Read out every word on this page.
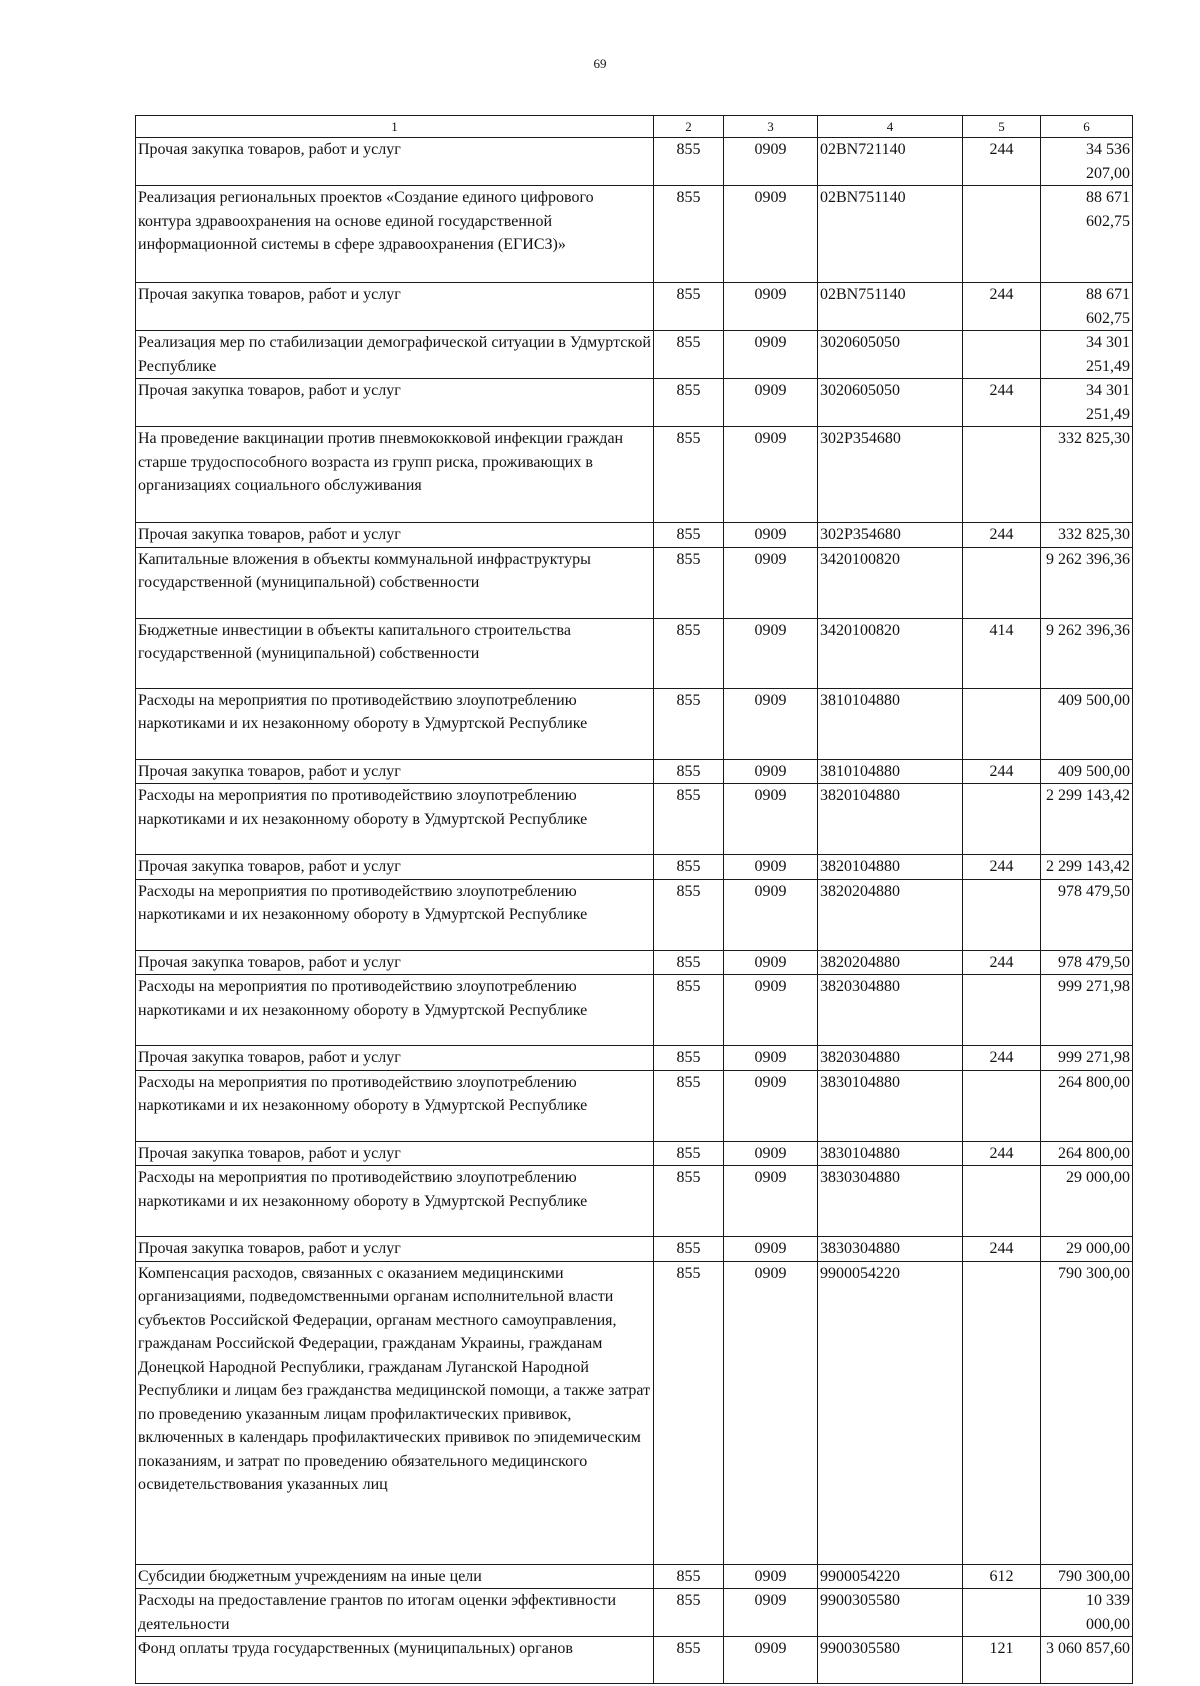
69
1	2	3	4	5	6
Прочая закупка товаров, работ и услуг	855	0909	02BN721140	244	34 536 207,00
Реализация региональных проектов «Создание единого цифрового контура здравоохранения на основе единой государственной информационной системы в сфере здравоохранения (ЕГИСЗ)»	855	0909	02BN751140		88 671 602,75
Прочая закупка товаров, работ и услуг	855	0909	02BN751140	244	88 671 602,75
Реализация мер по стабилизации демографической ситуации в Удмуртской Республике	855	0909	3020605050		34 301 251,49
Прочая закупка товаров, работ и услуг	855	0909	3020605050	244	34 301 251,49
На проведение вакцинации против пневмококковой инфекции граждан старше трудоспособного возраста из групп риска, проживающих в организациях социального обслуживания	855	0909	302P354680		332 825,30
Прочая закупка товаров, работ и услуг	855	0909	302P354680	244	332 825,30
Капитальные вложения в объекты коммунальной инфраструктуры государственной (муниципальной) собственности	855	0909	3420100820		9 262 396,36
Бюджетные инвестиции в объекты капитального строительства государственной (муниципальной) собственности	855	0909	3420100820	414	9 262 396,36
Расходы на мероприятия по противодействию злоупотреблению наркотиками и их незаконному обороту в Удмуртской Республике	855	0909	3810104880		409 500,00
Прочая закупка товаров, работ и услуг	855	0909	3810104880	244	409 500,00
Расходы на мероприятия по противодействию злоупотреблению наркотиками и их незаконному обороту в Удмуртской Республике	855	0909	3820104880		2 299 143,42
Прочая закупка товаров, работ и услуг	855	0909	3820104880	244	2 299 143,42
Расходы на мероприятия по противодействию злоупотреблению наркотиками и их незаконному обороту в Удмуртской Республике	855	0909	3820204880		978 479,50
Прочая закупка товаров, работ и услуг	855	0909	3820204880	244	978 479,50
Расходы на мероприятия по противодействию злоупотреблению наркотиками и их незаконному обороту в Удмуртской Республике	855	0909	3820304880		999 271,98
Прочая закупка товаров, работ и услуг	855	0909	3820304880	244	999 271,98
Расходы на мероприятия по противодействию злоупотреблению наркотиками и их незаконному обороту в Удмуртской Республике	855	0909	3830104880		264 800,00
Прочая закупка товаров, работ и услуг	855	0909	3830104880	244	264 800,00
Расходы на мероприятия по противодействию злоупотреблению наркотиками и их незаконному обороту в Удмуртской Республике	855	0909	3830304880		29 000,00
Прочая закупка товаров, работ и услуг	855	0909	3830304880	244	29 000,00
Компенсация расходов, связанных с оказанием медицинскими организациями, подведомственными органам исполнительной власти субъектов Российской Федерации, органам местного самоуправления, гражданам Российской Федерации, гражданам Украины, гражданам Донецкой Народной Республики, гражданам Луганской Народной Республики и лицам без гражданства медицинской помощи, а также затрат по проведению указанным лицам профилактических прививок, включенных в календарь профилактических прививок по эпидемическим показаниям, и затрат по проведению обязательного медицинского освидетельствования указанных лиц	855	0909	9900054220		790 300,00
Субсидии бюджетным учреждениям на иные цели	855	0909	9900054220	612	790 300,00
Расходы на предоставление грантов по итогам оценки эффективности деятельности	855	0909	9900305580		10 339 000,00
Фонд оплаты труда государственных (муниципальных) органов	855	0909	9900305580	121	3 060 857,60
